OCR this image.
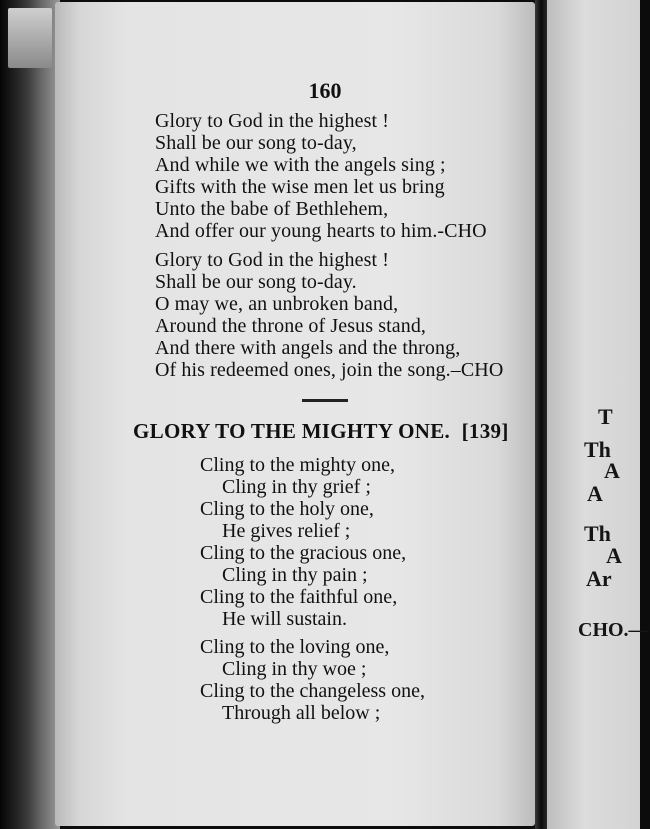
T
Th
A
A
Th
A
Ar
CHO.—
160
Glory to God in the highest !
Shall be our song to-day,
And while we with the angels sing ;
Gifts with the wise men let us bring
Unto the babe of Bethlehem,
And offer our young hearts to him.-CHO
Glory to God in the highest !
Shall be our song to-day.
O may we, an unbroken band,
Around the throne of Jesus stand,
And there with angels and the throng,
Of his redeemed ones, join the song.–CHO
GLORY TO THE MIGHTY ONE. [139]
Cling to the mighty one,
Cling in thy grief ;
Cling to the holy one,
He gives relief ;
Cling to the gracious one,
Cling in thy pain ;
Cling to the faithful one,
He will sustain.
Cling to the loving one,
Cling in thy woe ;
Cling to the changeless one,
Through all below ;
